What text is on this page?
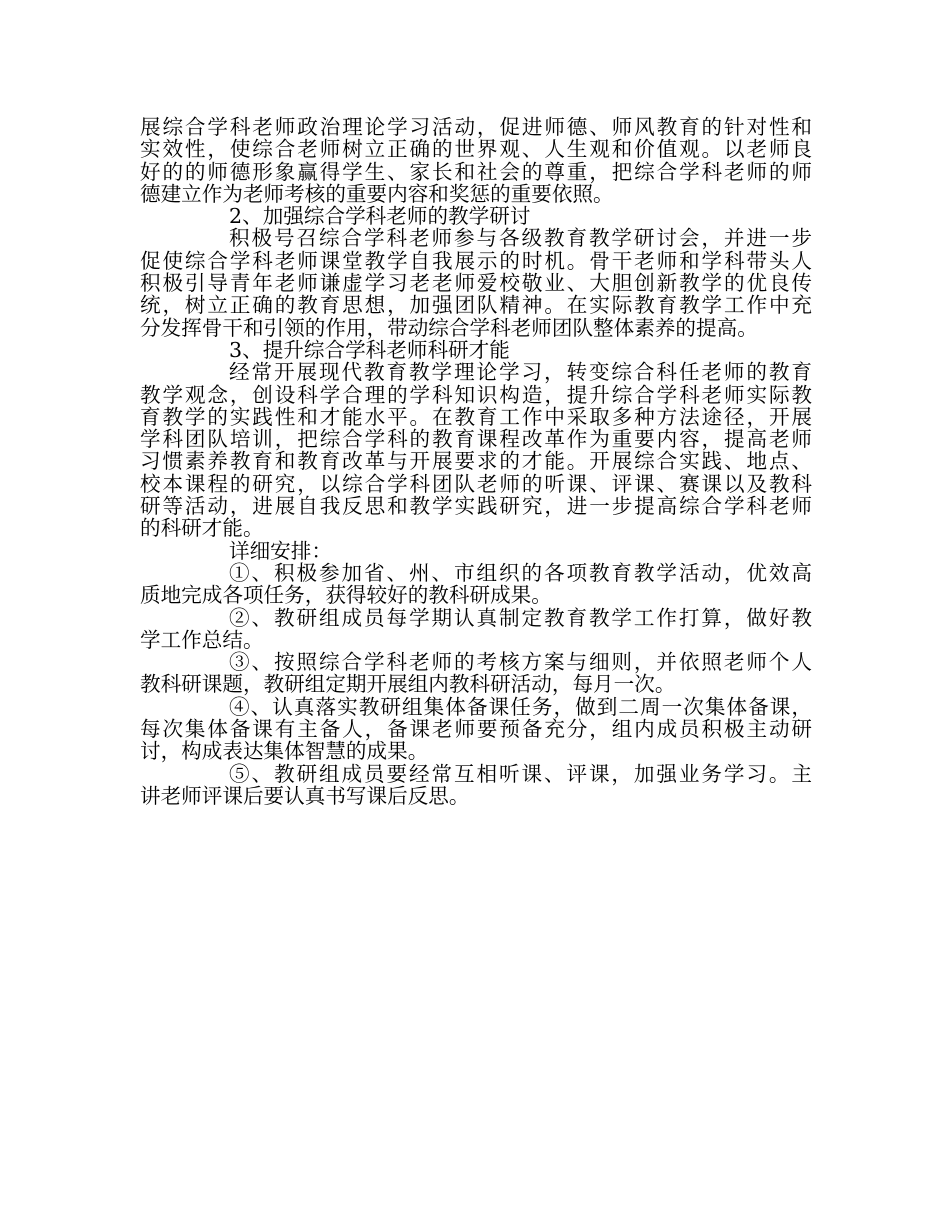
展综合学科老师政治理论学习活动，促进师德、师风教育的针对性和
实效性，使综合老师树立正确的世界观、人生观和价值观。以老师良
好的的师德形象赢得学生、家长和社会的尊重，把综合学科老师的师
德建立作为老师考核的重要内容和奖惩的重要依照。
2、加强综合学科老师的教学研讨
积极号召综合学科老师参与各级教育教学研讨会，并进一步
促使综合学科老师课堂教学自我展示的时机。骨干老师和学科带头人
积极引导青年老师谦虚学习老老师爱校敬业、大胆创新教学的优良传
统，树立正确的教育思想，加强团队精神。在实际教育教学工作中充
分发挥骨干和引领的作用，带动综合学科老师团队整体素养的提高。
3、提升综合学科老师科研才能
经常开展现代教育教学理论学习，转变综合科任老师的教育
教学观念，创设科学合理的学科知识构造，提升综合学科老师实际教
育教学的实践性和才能水平。在教育工作中采取多种方法途径，开展
学科团队培训，把综合学科的教育课程改革作为重要内容，提高老师
习惯素养教育和教育改革与开展要求的才能。开展综合实践、地点、
校本课程的研究，以综合学科团队老师的听课、评课、赛课以及教科
研等活动，进展自我反思和教学实践研究，进一步提高综合学科老师
的科研才能。
详细安排：
①、积极参加省、州、市组织的各项教育教学活动，优效高
质地完成各项任务，获得较好的教科研成果。
②、教研组成员每学期认真制定教育教学工作打算，做好教
学工作总结。
③、按照综合学科老师的考核方案与细则，并依照老师个人
教科研课题，教研组定期开展组内教科研活动，每月一次。
④、认真落实教研组集体备课任务，做到二周一次集体备课，
每次集体备课有主备人，备课老师要预备充分，组内成员积极主动研
讨，构成表达集体智慧的成果。
⑤、教研组成员要经常互相听课、评课，加强业务学习。主
讲老师评课后要认真书写课后反思。
